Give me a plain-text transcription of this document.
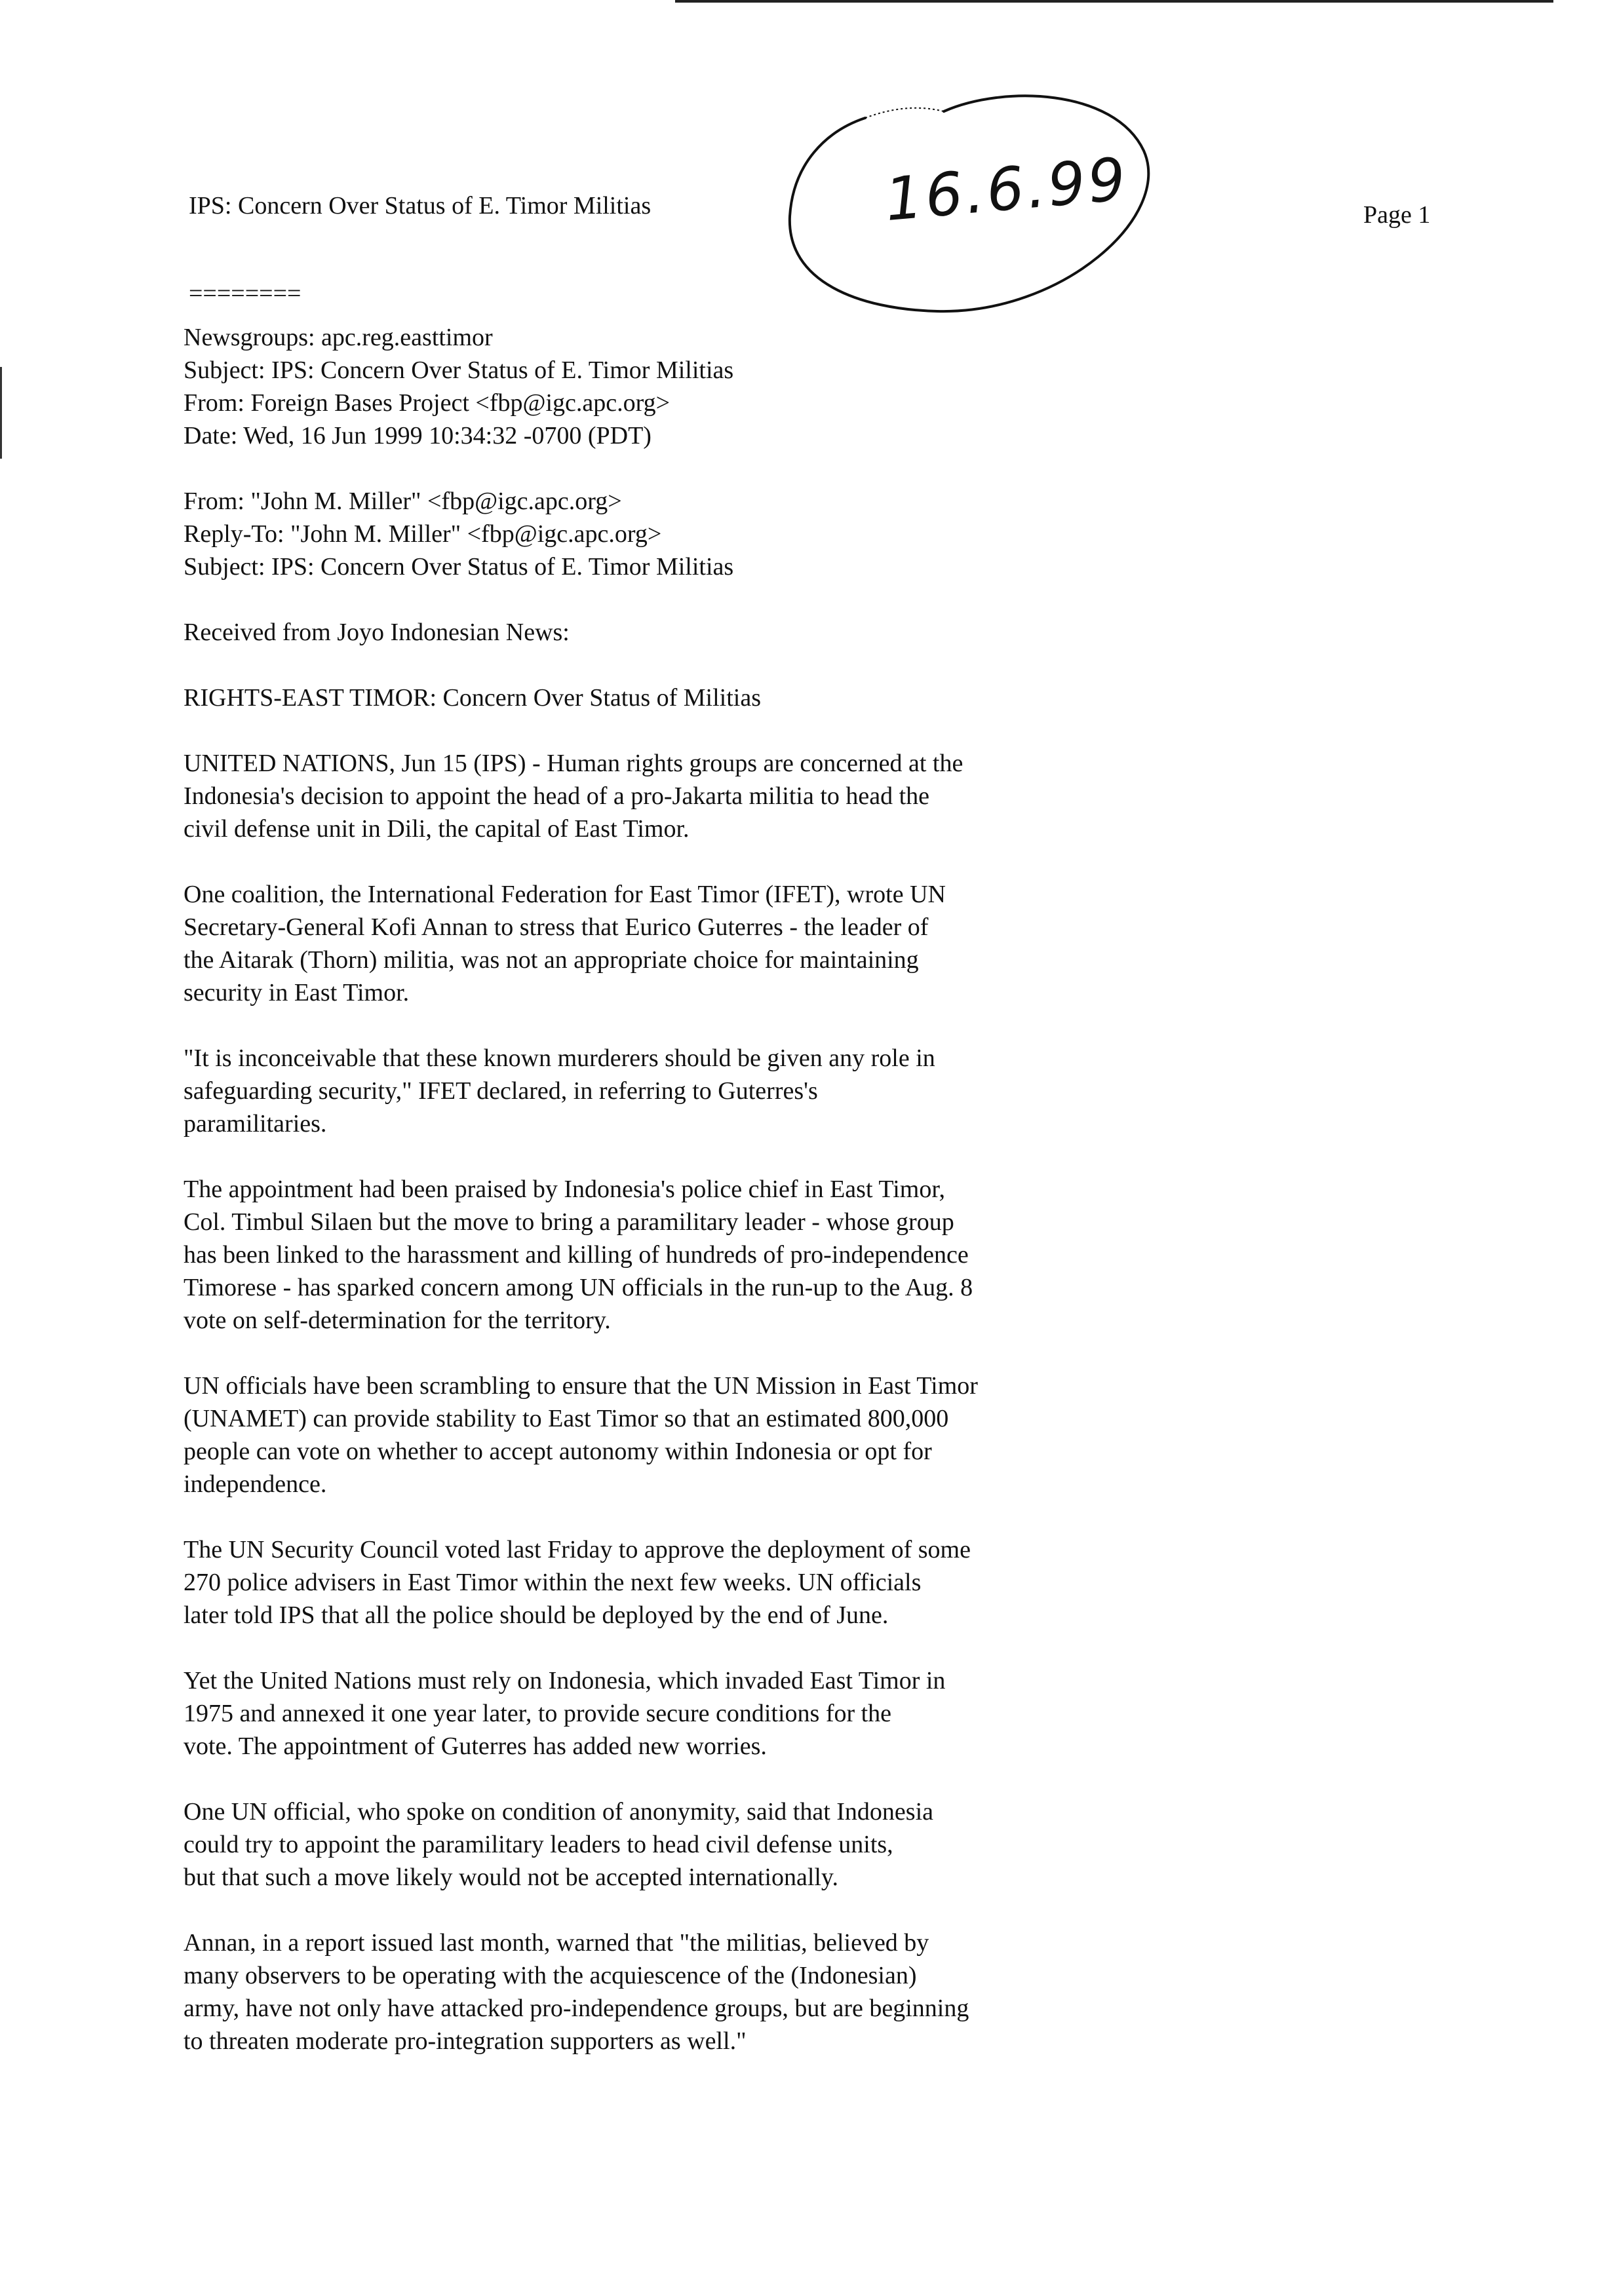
IPS: Concern Over Status of E. Timor Militias	16.6.99	Page 1
========
Newsgroups: apc.reg.easttimor
Subject: IPS: Concern Over Status of E. Timor Militias
From: Foreign Bases Project <fbp@igc.apc.org>
Date: Wed, 16 Jun 1999 10:34:32 -0700 (PDT)
From: "John M. Miller" <fbp@igc.apc.org>
Reply-To: "John M. Miller" <fbp@igc.apc.org>
Subject: IPS: Concern Over Status of E. Timor Militias
Received from Joyo Indonesian News:
RIGHTS-EAST TIMOR: Concern Over Status of Militias
UNITED NATIONS, Jun 15 (IPS) - Human rights groups are concerned at the
Indonesia's decision to appoint the head of a pro-Jakarta militia to head the
civil defense unit in Dili, the capital of East Timor.
One coalition, the International Federation for East Timor (IFET), wrote UN
Secretary-General Kofi Annan to stress that Eurico Guterres - the leader of
the Aitarak (Thorn) militia, was not an appropriate choice for maintaining
security in East Timor.
"It is inconceivable that these known murderers should be given any role in
safeguarding security," IFET declared, in referring to Guterres's
paramilitaries.
The appointment had been praised by Indonesia's police chief in East Timor,
Col. Timbul Silaen but the move to bring a paramilitary leader - whose group
has been linked to the harassment and killing of hundreds of pro-independence
Timorese - has sparked concern among UN officials in the run-up to the Aug. 8
vote on self-determination for the territory.
UN officials have been scrambling to ensure that the UN Mission in East Timor
(UNAMET) can provide stability to East Timor so that an estimated 800,000
people can vote on whether to accept autonomy within Indonesia or opt for
independence.
The UN Security Council voted last Friday to approve the deployment of some
270 police advisers in East Timor within the next few weeks. UN officials
later told IPS that all the police should be deployed by the end of June.
Yet the United Nations must rely on Indonesia, which invaded East Timor in
1975 and annexed it one year later, to provide secure conditions for the
vote. The appointment of Guterres has added new worries.
One UN official, who spoke on condition of anonymity, said that Indonesia
could try to appoint the paramilitary leaders to head civil defense units,
but that such a move likely would not be accepted internationally.
Annan, in a report issued last month, warned that "the militias, believed by
many observers to be operating with the acquiescence of the (Indonesian)
army, have not only have attacked pro-independence groups, but are beginning
to threaten moderate pro-integration supporters as well."
